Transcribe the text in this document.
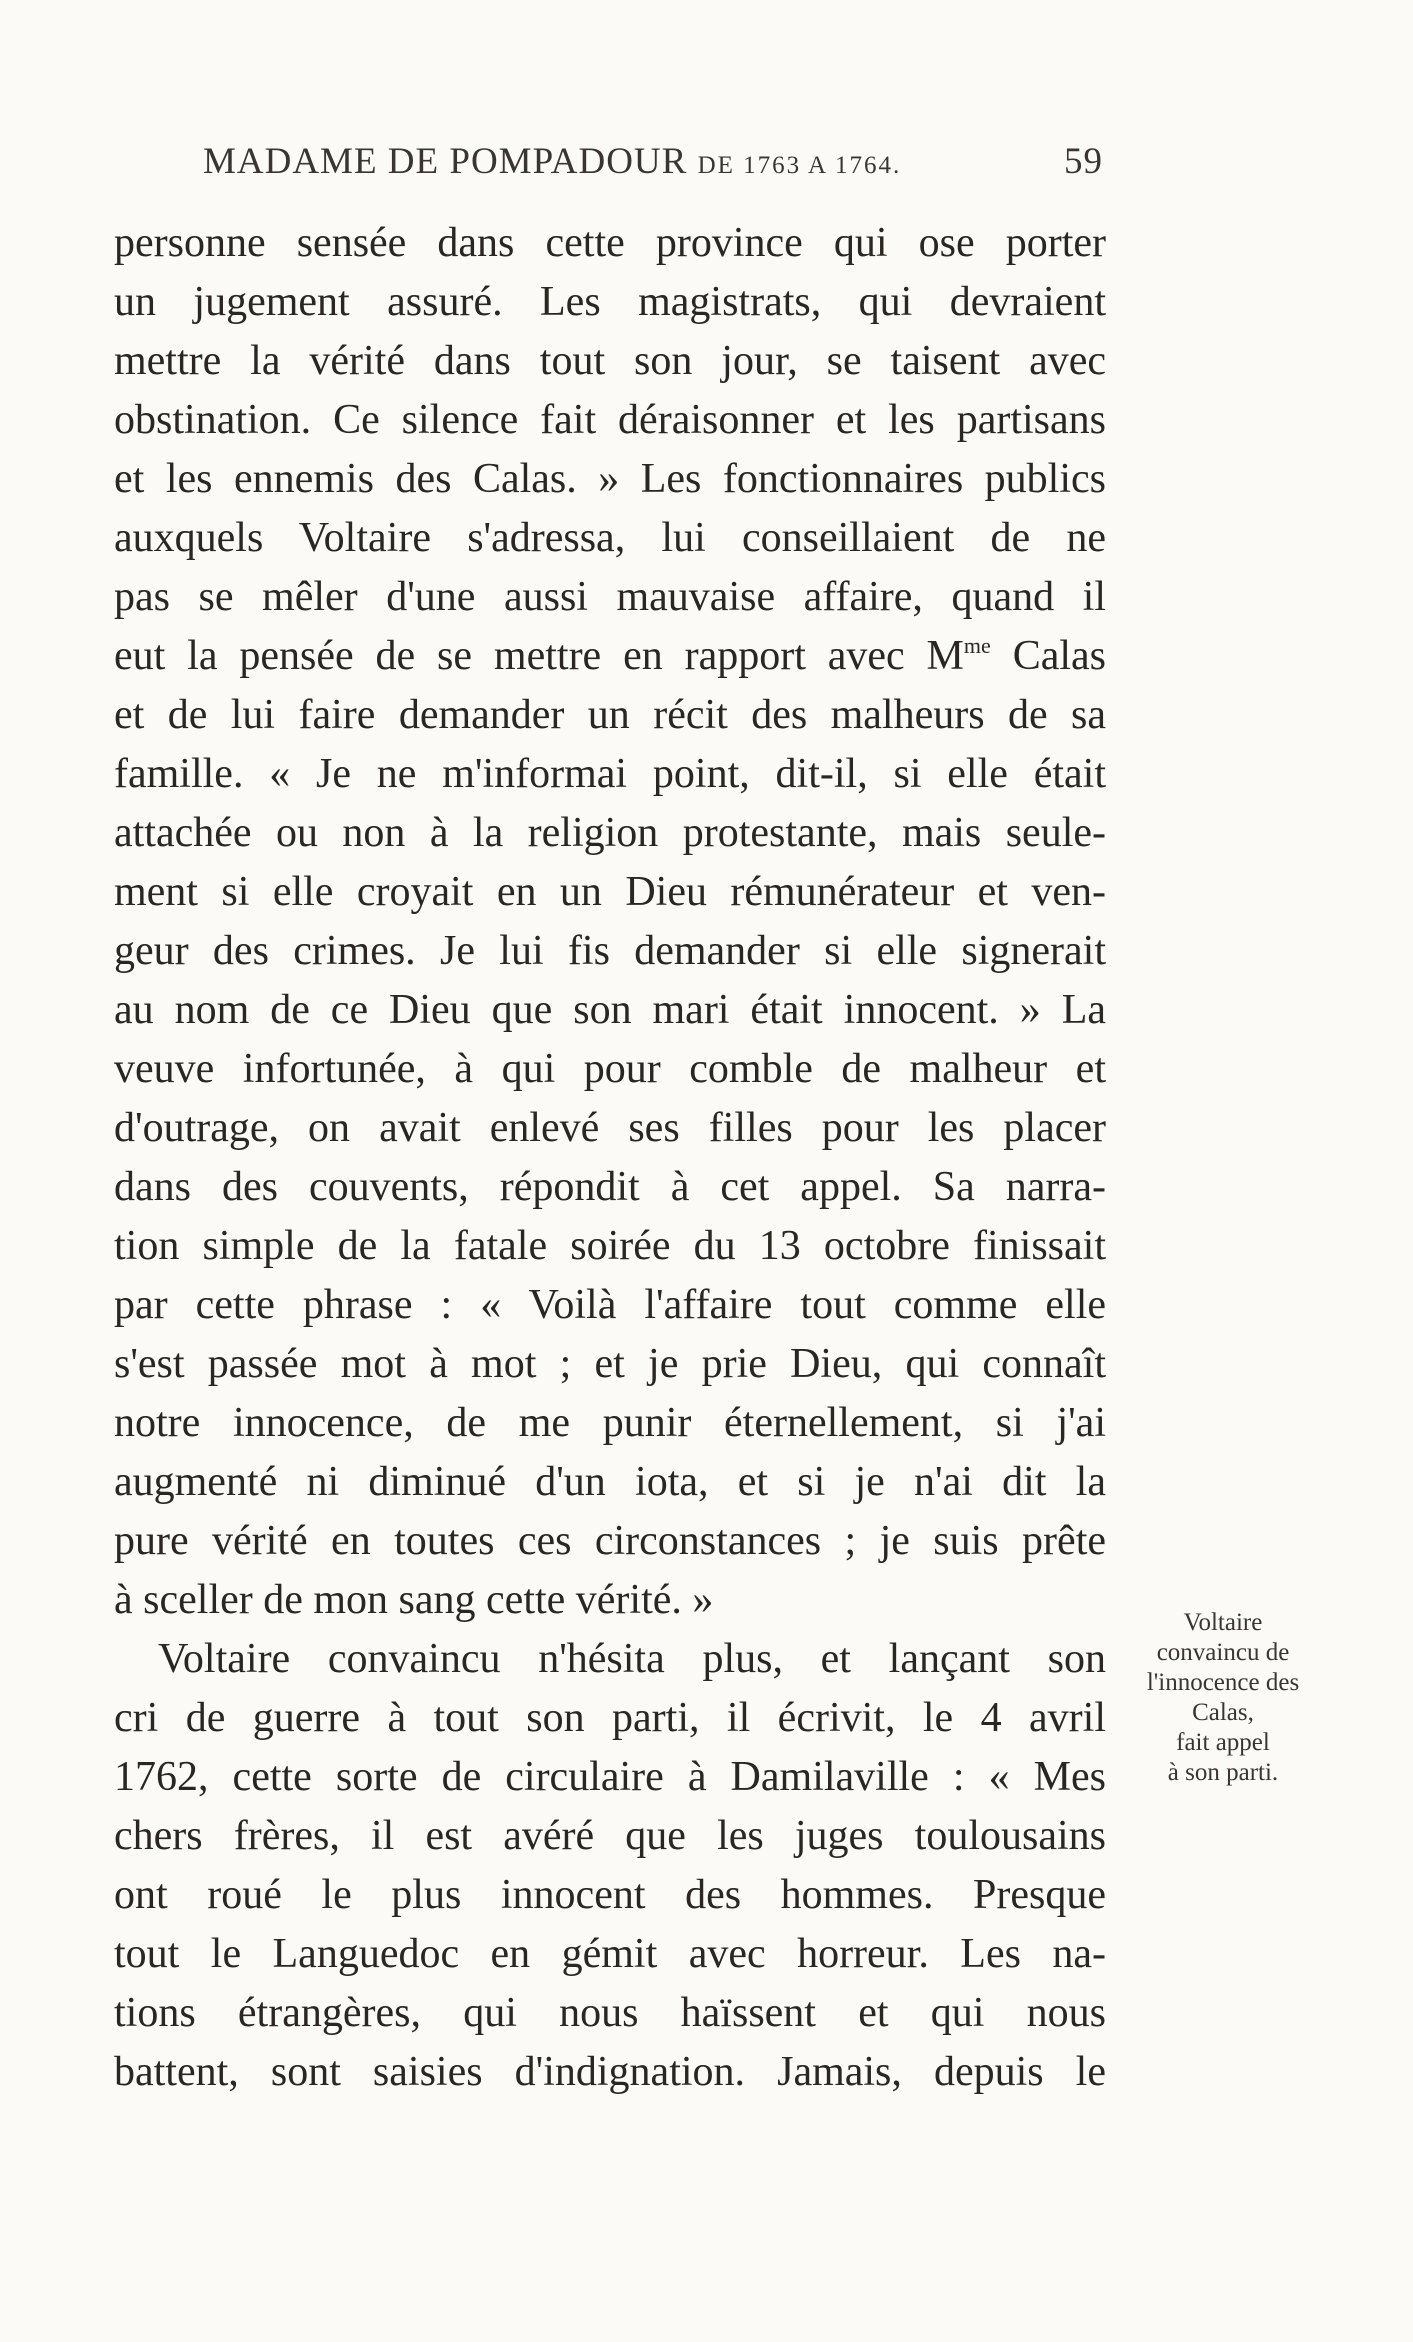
MADAME DE POMPADOUR DE 1763 A 1764.	59
personne sensée dans cette province qui ose porter
un jugement assuré. Les magistrats, qui devraient
mettre la vérité dans tout son jour, se taisent avec
obstination. Ce silence fait déraisonner et les partisans
et les ennemis des Calas. » Les fonctionnaires publics
auxquels Voltaire s'adressa, lui conseillaient de ne
pas se mêler d'une aussi mauvaise affaire, quand il
eut la pensée de se mettre en rapport avec $M^{me}$ Calas
et de lui faire demander un récit des malheurs de sa
famille. « Je ne m'informai point, dit-il, si elle était
attachée ou non à la religion protestante, mais seule-
ment si elle croyait en un Dieu rémunérateur et ven-
geur des crimes. Je lui fis demander si elle signerait
au nom de ce Dieu que son mari était innocent. » La
veuve infortunée, à qui pour comble de malheur et
d'outrage, on avait enlevé ses filles pour les placer
dans des couvents, répondit à cet appel. Sa narra-
tion simple de la fatale soirée du 13 octobre finissait
par cette phrase : « Voilà l'affaire tout comme elle
s'est passée mot à mot ; et je prie Dieu, qui connaît
notre innocence, de me punir éternellement, si j'ai
augmenté ni diminué d'un iota, et si je n'ai dit la
pure vérité en toutes ces circonstances ; je suis prête
à sceller de mon sang cette vérité. »
Voltaire convaincu n'hésita plus, et lançant son
cri de guerre à tout son parti, il écrivit, le 4 avril
1762, cette sorte de circulaire à Damilaville : « Mes
chers frères, il est avéré que les juges toulousains
ont roué le plus innocent des hommes. Presque
tout le Languedoc en gémit avec horreur. Les na-
tions étrangères, qui nous haïssent et qui nous
battent, sont saisies d'indignation. Jamais, depuis le
Voltaire
convaincu de
l'innocence des
Calas,
fait appel
à son parti.
